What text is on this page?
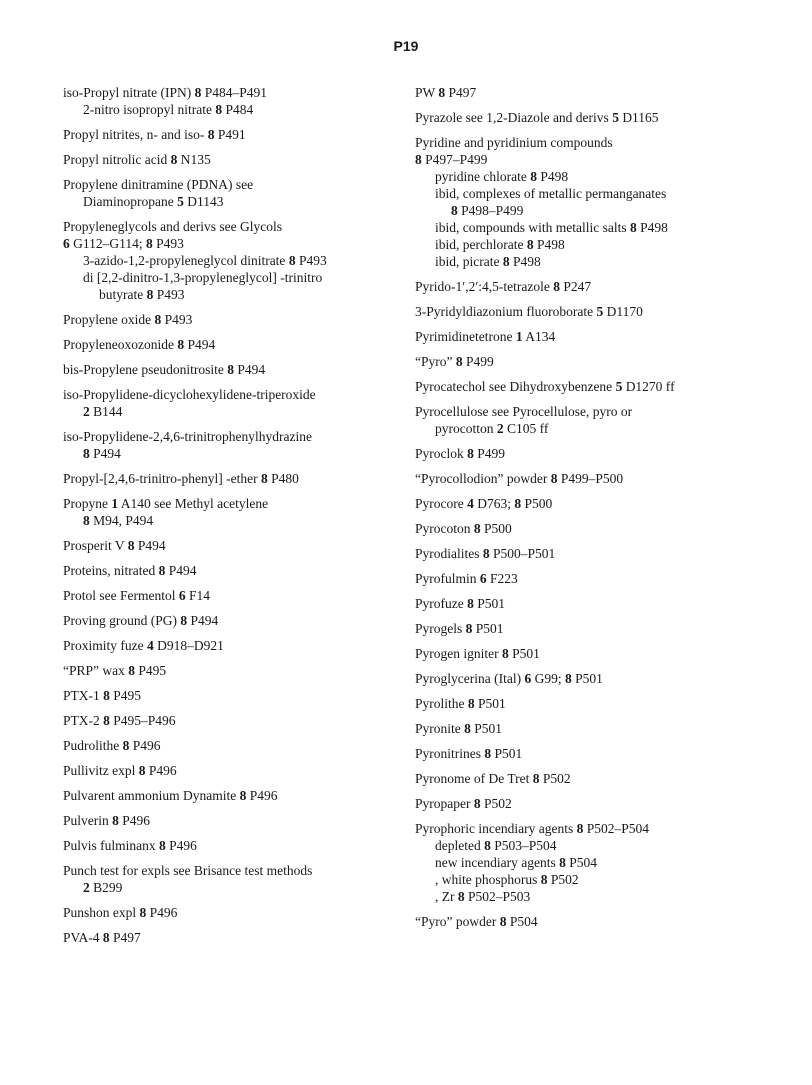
P19
iso-Propyl nitrate (IPN) 8 P484–P491
2-nitro isopropyl nitrate 8 P484
Propyl nitrites, n- and iso- 8 P491
Propyl nitrolic acid 8 N135
Propylene dinitramine (PDNA) see
Diaminopropane 5 D1143
Propyleneglycols and derivs see Glycols
6 G112–G114; 8 P493
3-azido-1,2-propyleneglycol dinitrate 8 P493
di [2,2-dinitro-1,3-propyleneglycol] -trinitro
butyrate 8 P493
Propylene oxide 8 P493
Propyleneoxozonide 8 P494
bis-Propylene pseudonitrosite 8 P494
iso-Propylidene-dicyclohexylidene-triperoxide
2 B144
iso-Propylidene-2,4,6-trinitrophenylhydrazine
8 P494
Propyl-[2,4,6-trinitro-phenyl] -ether 8 P480
Propyne 1 A140 see Methyl acetylene
8 M94, P494
Prosperit V 8 P494
Proteins, nitrated 8 P494
Protol see Fermentol 6 F14
Proving ground (PG) 8 P494
Proximity fuze 4 D918–D921
“PRP” wax 8 P495
PTX-1 8 P495
PTX-2 8 P495–P496
Pudrolithe 8 P496
Pullivitz expl 8 P496
Pulvarent ammonium Dynamite 8 P496
Pulverin 8 P496
Pulvis fulminanx 8 P496
Punch test for expls see Brisance test methods
2 B299
Punshon expl 8 P496
PVA-4 8 P497
PW 8 P497
Pyrazole see 1,2-Diazole and derivs 5 D1165
Pyridine and pyridinium compounds
8 P497–P499
pyridine chlorate 8 P498
ibid, complexes of metallic permanganates
8 P498–P499
ibid, compounds with metallic salts 8 P498
ibid, perchlorate 8 P498
ibid, picrate 8 P498
Pyrido-1′,2′:4,5-tetrazole 8 P247
3-Pyridyldiazonium fluoroborate 5 D1170
Pyrimidinetetrone 1 A134
“Pyro” 8 P499
Pyrocatechol see Dihydroxybenzene 5 D1270 ff
Pyrocellulose see Pyrocellulose, pyro or
pyrocotton 2 C105 ff
Pyroclok 8 P499
“Pyrocollodion” powder 8 P499–P500
Pyrocore 4 D763; 8 P500
Pyrocoton 8 P500
Pyrodialites 8 P500–P501
Pyrofulmin 6 F223
Pyrofuze 8 P501
Pyrogels 8 P501
Pyrogen igniter 8 P501
Pyroglycerina (Ital) 6 G99; 8 P501
Pyrolithe 8 P501
Pyronite 8 P501
Pyronitrines 8 P501
Pyronome of De Tret 8 P502
Pyropaper 8 P502
Pyrophoric incendiary agents 8 P502–P504
depleted 8 P503–P504
new incendiary agents 8 P504
, white phosphorus 8 P502
, Zr 8 P502–P503
“Pyro” powder 8 P504
